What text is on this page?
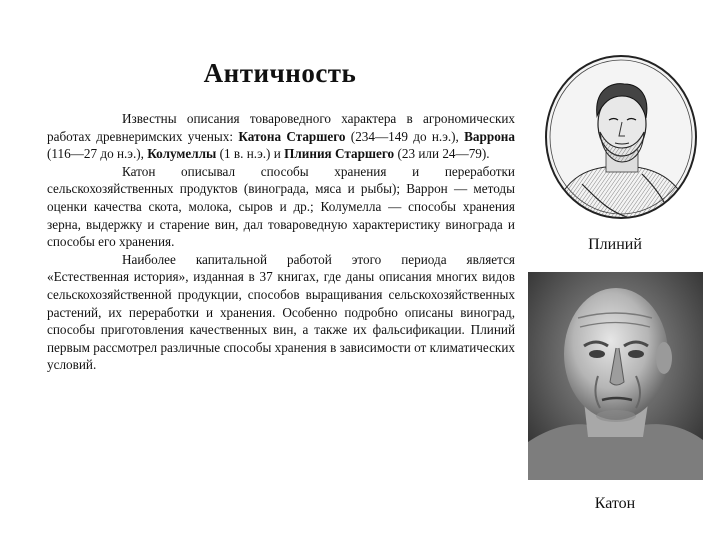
Античность

Известны описания товароведного характера в агрономических работах древнеримских ученых: Катона Старшего (234—149 до н.э.), Варрона (116—27 до н.э.), Колумеллы (1 в. н.э.) и Плиния Старшего (23 или 24—79).

Катон описывал способы хранения и переработки сельскохозяйственных продуктов (винограда, мяса и рыбы); Варрон — методы оценки качества скота, молока, сыров и др.; Колумелла — способы хранения зерна, выдержку и старение вин, дал товароведную характеристику винограда и способы его хранения.

Наиболее капитальной работой этого периода является «Естественная история», изданная в 37 книгах, где даны описания многих видов сельскохозяйственной продукции, способов выращивания сельскохозяйственных растений, их переработки и хранения. Особенно подробно описаны виноград, способы приготовления качественных вин, а также их фальсификации. Плиний первым рассмотрел различные способы хранения в зависимости от климатических условий.

Плиний
Катон
